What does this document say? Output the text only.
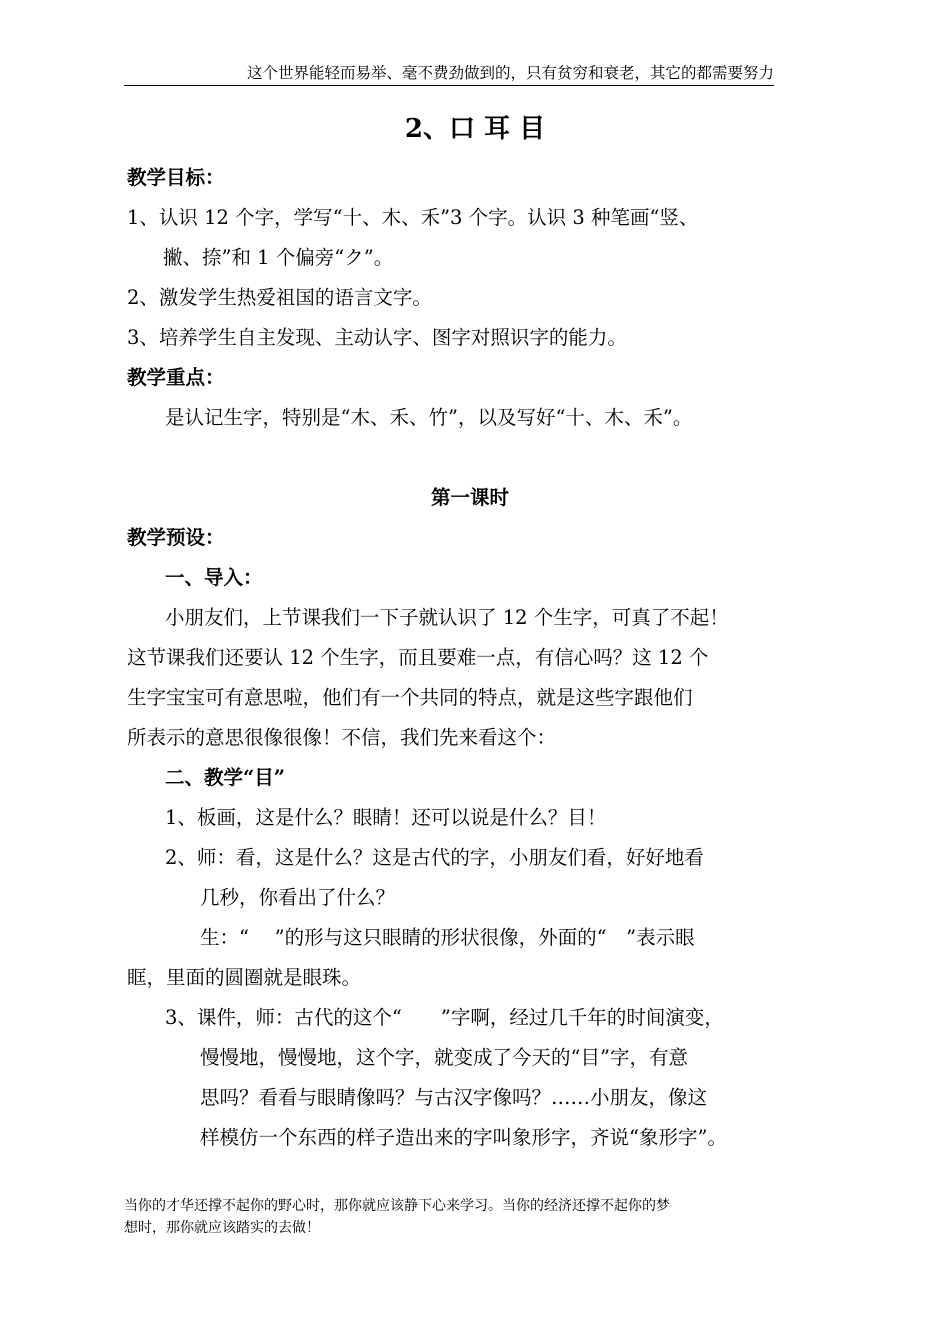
这个世界能轻而易举、毫不费劲做到的，只有贫穷和衰老，其它的都需要努力
2、口 耳 目
教学目标：
1、认识 12 个字，学写“十、木、禾”3 个字。认识 3 种笔画“竖、
撇、捺”和 1 个偏旁“ク”。
2、激发学生热爱祖国的语言文字。
3、培养学生自主发现、主动认字、图字对照识字的能力。
教学重点：
是认记生字，特别是“木、禾、竹”，以及写好“十、木、禾”。
第一课时
教学预设：
一、导入：
小朋友们，上节课我们一下子就认识了 12 个生字，可真了不起！
这节课我们还要认 12 个生字，而且要难一点，有信心吗？这 12 个
生字宝宝可有意思啦，他们有一个共同的特点，就是这些字跟他们
所表示的意思很像很像！不信，我们先来看这个：
二、教学“目”
1、板画，这是什么？眼睛！还可以说是什么？目！
2、师：看，这是什么？这是古代的字，小朋友们看，好好地看
几秒，你看出了什么？
生：“　 ”的形与这只眼睛的形状很像，外面的“　”表示眼
眶，里面的圆圈就是眼珠。
3、课件，师：古代的这个“　　”字啊，经过几千年的时间演变，
慢慢地，慢慢地，这个字，就变成了今天的“目”字，有意
思吗？看看与眼睛像吗？与古汉字像吗？……小朋友，像这
样模仿一个东西的样子造出来的字叫象形字，齐说“象形字”。
当你的才华还撑不起你的野心时，那你就应该静下心来学习。当你的经济还撑不起你的梦
想时，那你就应该踏实的去做！
